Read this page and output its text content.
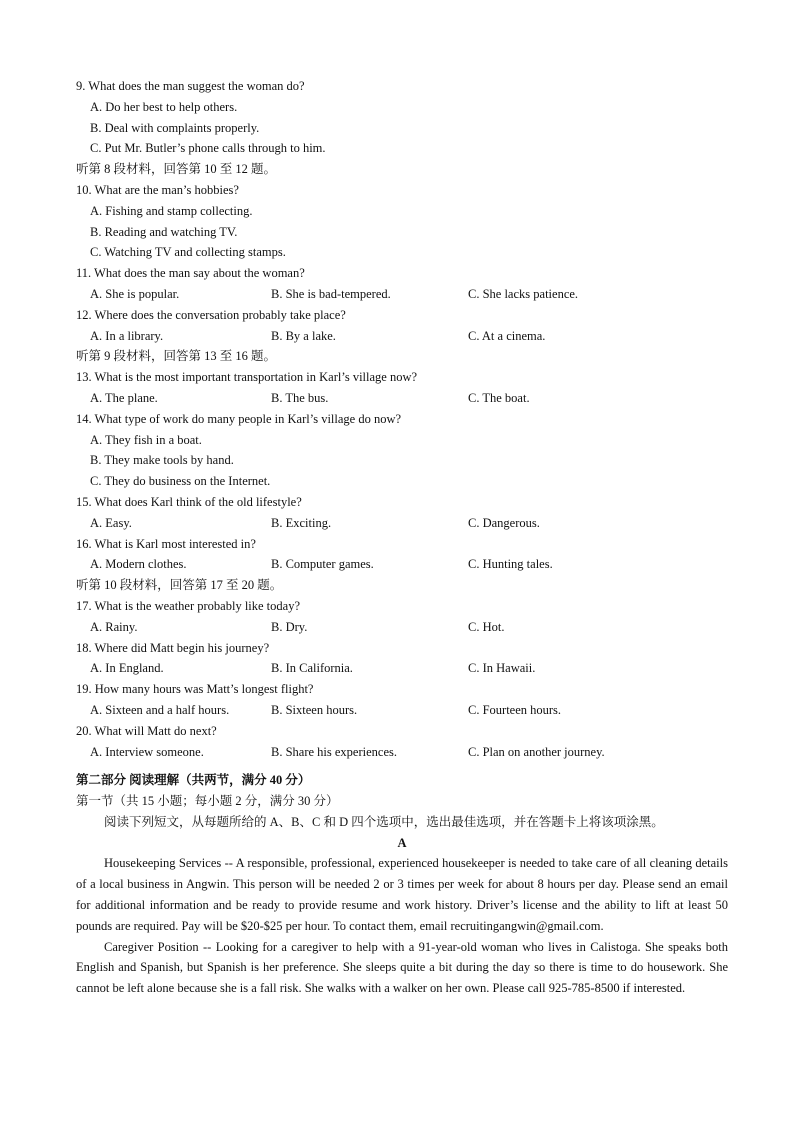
9. What does the man suggest the woman do?
A. Do her best to help others.
B. Deal with complaints properly.
C. Put Mr. Butler’s phone calls through to him.
听第 8 段材料，回答第 10 至 12 题。
10. What are the man’s hobbies?
A. Fishing and stamp collecting.
B. Reading and watching TV.
C. Watching TV and collecting stamps.
11. What does the man say about the woman?
A. She is popular.	B. She is bad-tempered.	C. She lacks patience.
12. Where does the conversation probably take place?
A. In a library.	B. By a lake.	C. At a cinema.
听第 9 段材料，回答第 13 至 16 题。
13. What is the most important transportation in Karl’s village now?
A. The plane.	B. The bus.	C. The boat.
14. What type of work do many people in Karl’s village do now?
A. They fish in a boat.
B. They make tools by hand.
C. They do business on the Internet.
15. What does Karl think of the old lifestyle?
A. Easy.	B. Exciting.	C. Dangerous.
16. What is Karl most interested in?
A. Modern clothes.	B. Computer games.	C. Hunting tales.
听第 10 段材料，回答第 17 至 20 题。
17. What is the weather probably like today?
A. Rainy.	B. Dry.	C. Hot.
18. Where did Matt begin his journey?
A. In England.	B. In California.	C. In Hawaii.
19. How many hours was Matt’s longest flight?
A. Sixteen and a half hours.	B. Sixteen hours.	C. Fourteen hours.
20. What will Matt do next?
A. Interview someone.	B. Share his experiences.	C. Plan on another journey.
第二部分 阅读理解（共两节，满分 40 分）
第一节（共 15 小题；每小题 2 分，满分 30 分）
阅读下列短文，从每题所给的 A、B、C 和 D 四个选项中，选出最佳选项，并在答题卡上将该项涂黑。
A
Housekeeping Services -- A responsible, professional, experienced housekeeper is needed to take care of all cleaning details of a local business in Angwin. This person will be needed 2 or 3 times per week for about 8 hours per day. Please send an email for additional information and be ready to provide resume and work history. Driver’s license and the ability to lift at least 50 pounds are required. Pay will be $20-$25 per hour. To contact them, email recruitingangwin@gmail.com.
Caregiver Position -- Looking for a caregiver to help with a 91-year-old woman who lives in Calistoga. She speaks both English and Spanish, but Spanish is her preference. She sleeps quite a bit during the day so there is time to do housework. She cannot be left alone because she is a fall risk. She walks with a walker on her own. Please call 925-785-8500 if interested.
